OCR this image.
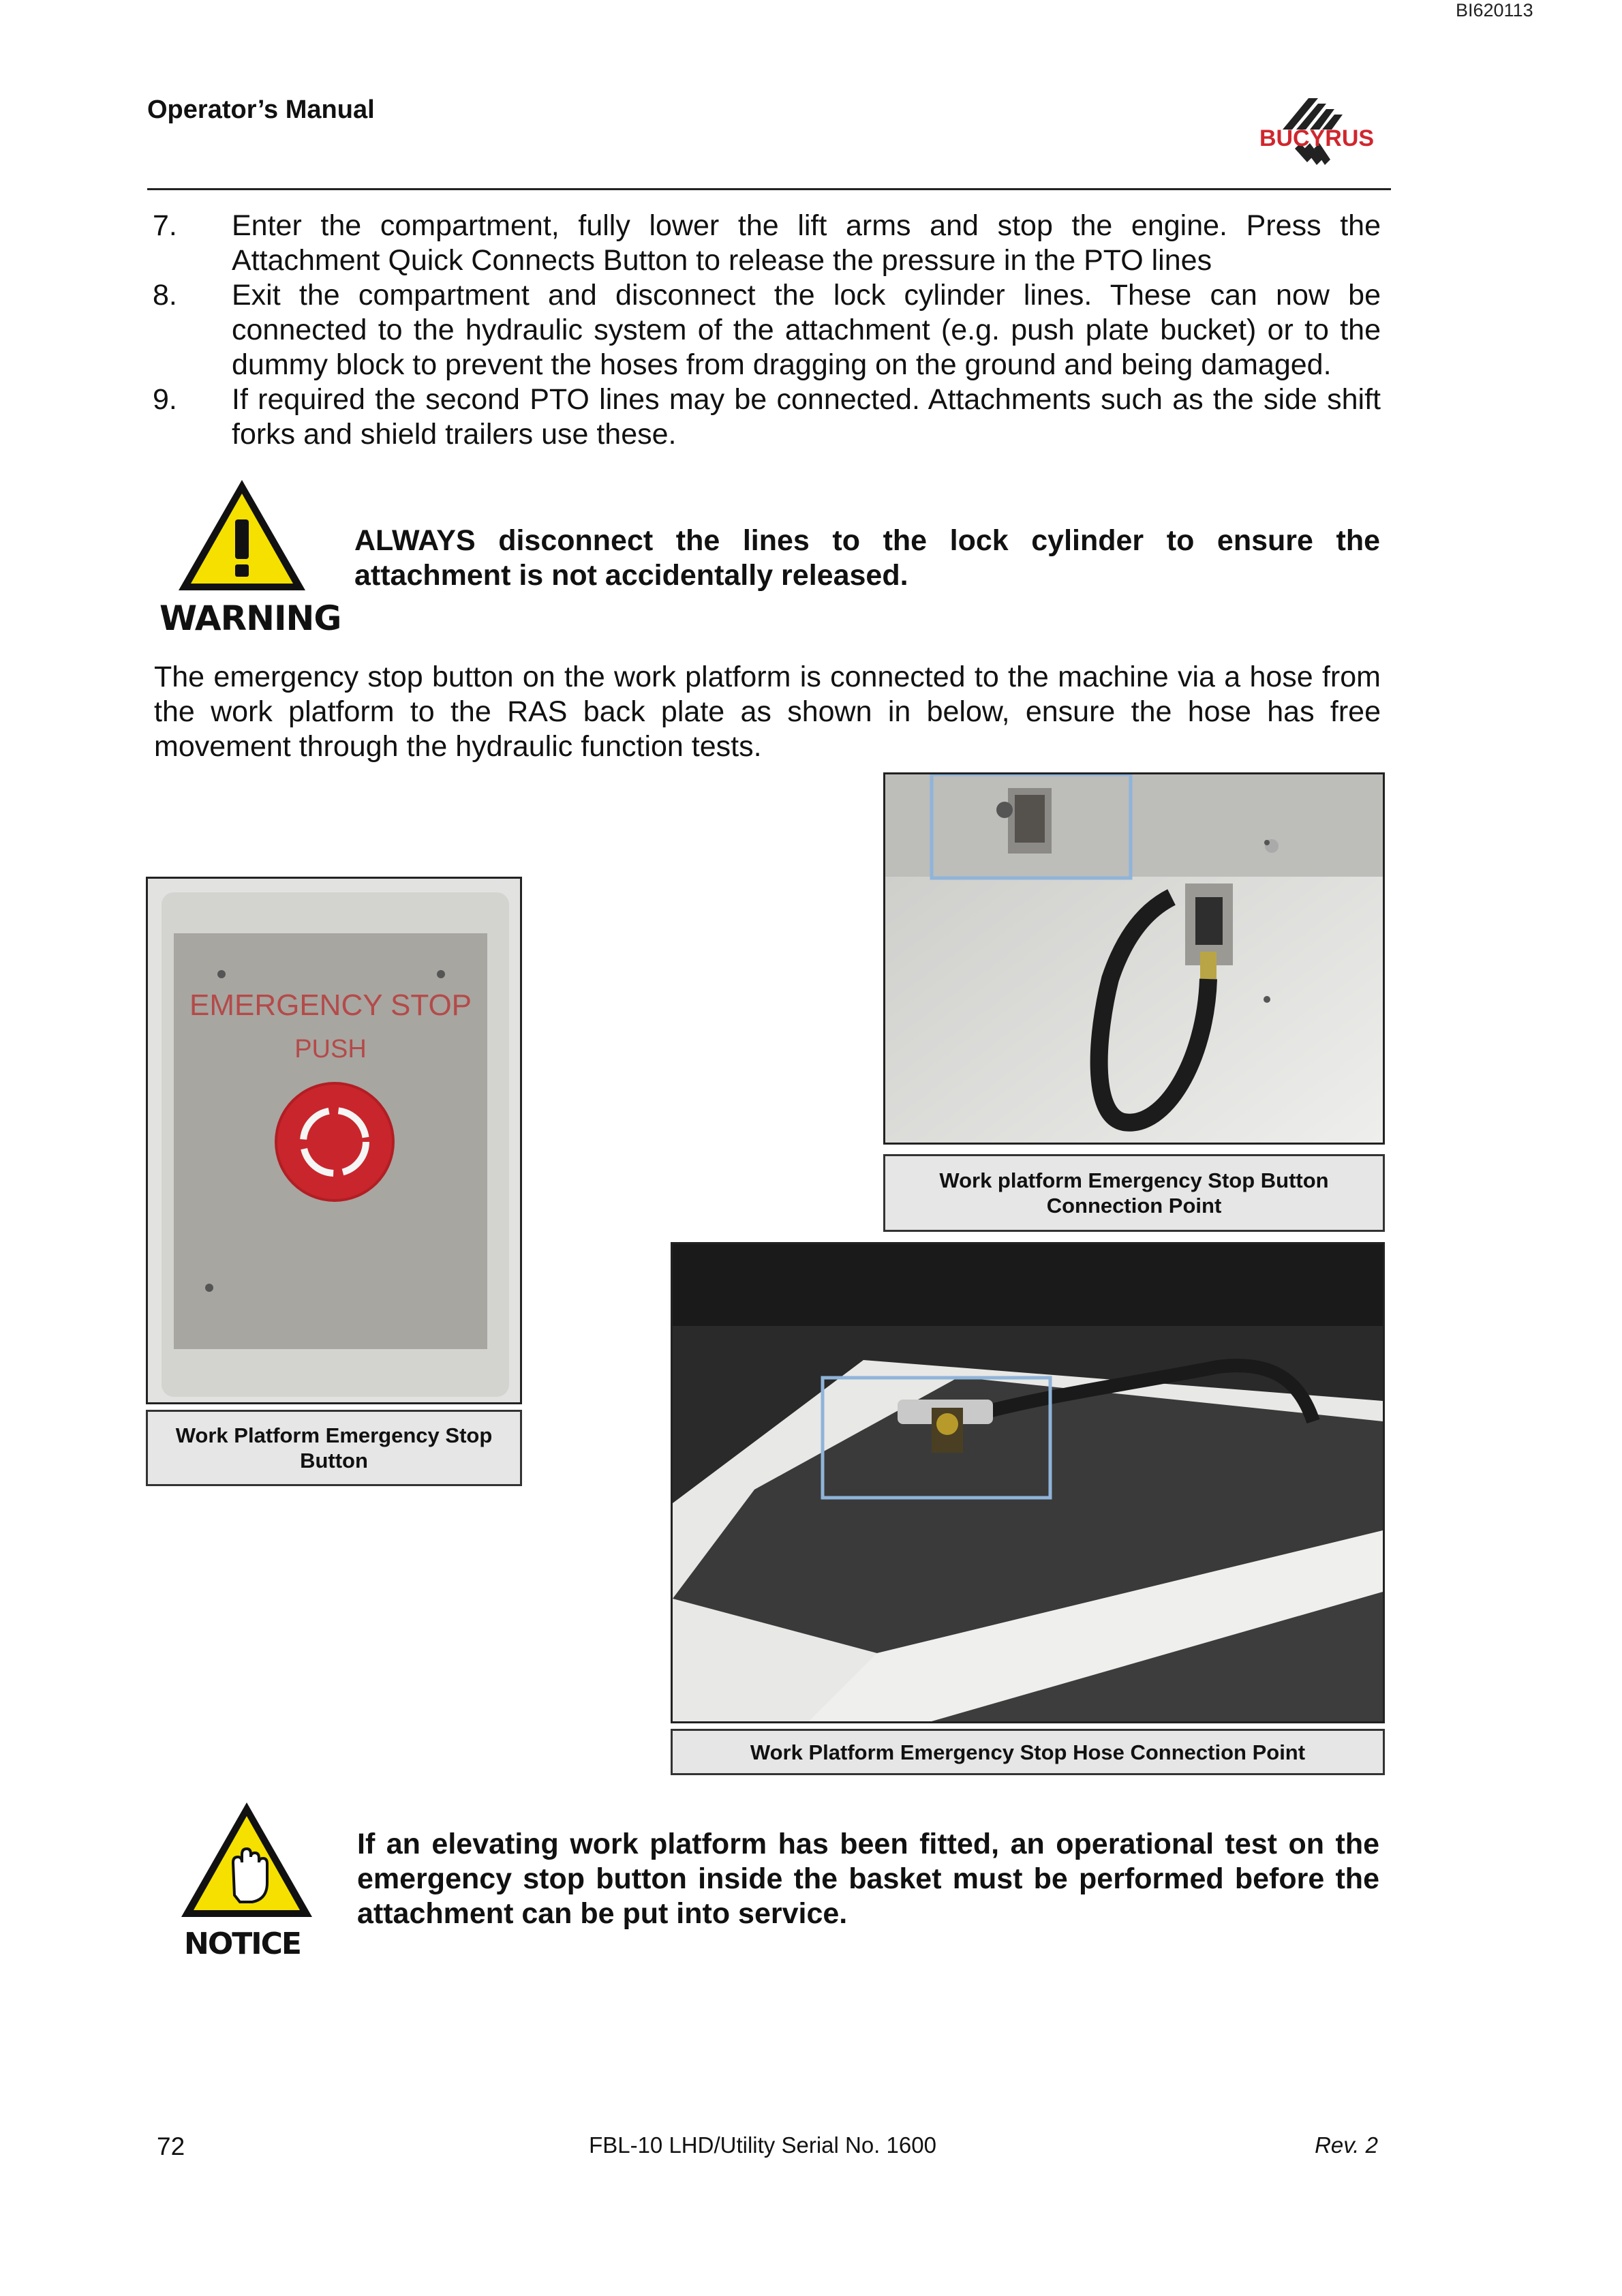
BI620113
Operator’s Manual
BUCYRUS
7. Enter the compartment, fully lower the lift arms and stop the engine. Press the Attachment Quick Connects Button to release the pressure in the PTO lines
8. Exit the compartment and disconnect the lock cylinder lines. These can now be connected to the hydraulic system of the attachment (e.g. push plate bucket) or to the dummy block to prevent the hoses from dragging on the ground and being damaged.
9. If required the second PTO lines may be connected. Attachments such as the side shift forks and shield trailers use these.
WARNING
ALWAYS disconnect the lines to the lock cylinder to ensure the attachment is not accidentally released.
The emergency stop button on the work platform is connected to the machine via a hose from the work platform to the RAS back plate as shown in below, ensure the hose has free movement through the hydraulic function tests.
Work platform Emergency Stop Button Connection Point
EMERGENCY STOP
PUSH
Work Platform Emergency Stop Button
Work Platform Emergency Stop Hose Connection Point
NOTICE
If an elevating work platform has been fitted, an operational test on the emergency stop button inside the basket must be performed before the attachment can be put into service.
72	FBL-10 LHD/Utility Serial No. 1600	Rev. 2
